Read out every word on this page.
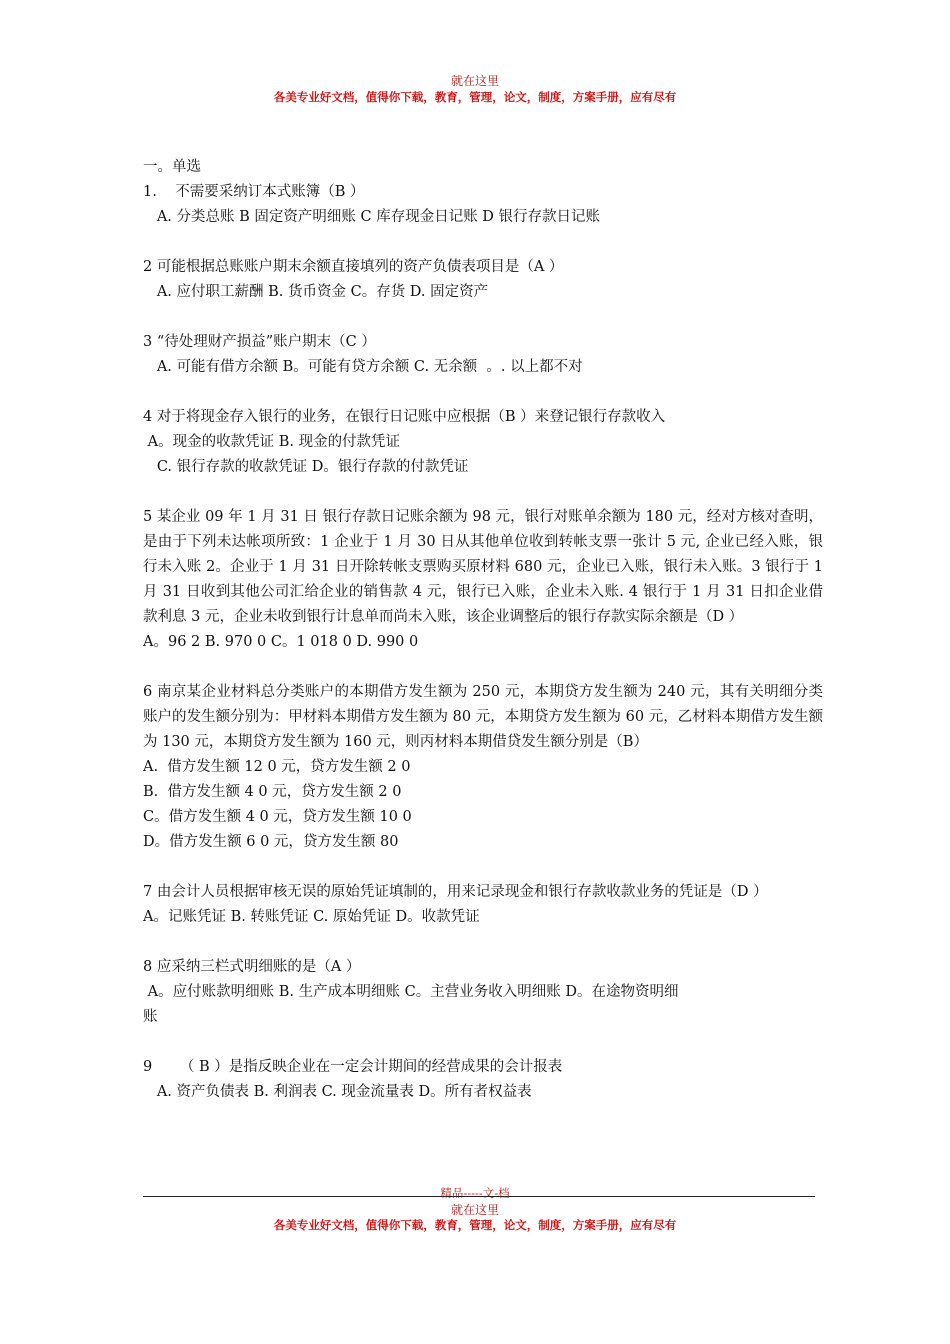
就在这里
各美专业好文档，值得你下载，教育，管理，论文，制度，方案手册，应有尽有
一。单选
1.    不需要采纳订本式账簿（B ）
A. 分类总账 B 固定资产明细账 C 库存现金日记账 D 银行存款日记账
2 可能根据总账账户期末余额直接填列的资产负债表项目是（A ）
A. 应付职工薪酬 B. 货币资金 C。存货 D. 固定资产
3 “待处理财产损益”账户期末（C ）
A. 可能有借方余额 B。可能有贷方余额 C. 无余额  。. 以上都不对
4 对于将现金存入银行的业务，在银行日记账中应根据（B ）来登记银行存款收入
A。现金的收款凭证 B. 现金的付款凭证
C. 银行存款的收款凭证 D。银行存款的付款凭证
5 某企业 09 年 1 月 31 日 银行存款日记账余额为 98 元，银行对账单余额为 180 元，经对方核对查明，是由于下列未达帐项所致：1 企业于 1 月 30 日从其他单位收到转帐支票一张计 5 元, 企业已经入账，银行未入账 2。企业于 1 月 31 日开除转帐支票购买原材料 680 元，企业已入账，银行未入账。3 银行于 1 月 31 日收到其他公司汇给企业的销售款 4 元，银行已入账，企业未入账. 4 银行于 1 月 31 日扣企业借款利息 3 元，企业未收到银行计息单而尚未入账，该企业调整后的银行存款实际余额是（D ）
A。96 2 B. 970 0 C。1 018 0 D. 990 0
6 南京某企业材料总分类账户的本期借方发生额为 250 元，本期贷方发生额为 240 元，其有关明细分类账户的发生额分别为：甲材料本期借方发生额为 80 元，本期贷方发生额为 60 元，乙材料本期借方发生额为 130 元，本期贷方发生额为 160 元，则丙材料本期借贷发生额分别是（B）
A.  借方发生额 12 0 元，贷方发生额 2 0
B.  借方发生额 4 0 元，贷方发生额 2 0
C。借方发生额 4 0 元，贷方发生额 10 0
D。借方发生额 6 0 元，贷方发生额 80
7 由会计人员根据审核无误的原始凭证填制的，用来记录现金和银行存款收款业务的凭证是（D ）
A。记账凭证 B. 转账凭证 C. 原始凭证 D。收款凭证
8 应采纳三栏式明细账的是（A ）
A。应付账款明细账 B. 生产成本明细账 C。主营业务收入明细账 D。在途物资明细
账
9      （ B ）是指反映企业在一定会计期间的经营成果的会计报表
A. 资产负债表 B. 利润表 C. 现金流量表 D。所有者权益表
精品-----文-档
就在这里
各美专业好文档，值得你下载，教育，管理，论文，制度，方案手册，应有尽有
